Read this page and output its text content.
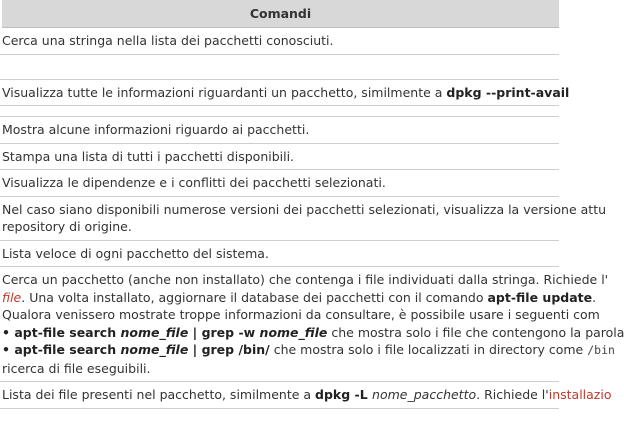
Comandi
Cerca una stringa nella lista dei pacchetti conosciuti.
Visualizza tutte le informazioni riguardanti un pacchetto, similmente a dpkg --print-avail
Mostra alcune informazioni riguardo ai pacchetti.
Stampa una lista di tutti i pacchetti disponibili.
Visualizza le dipendenze e i conflitti dei pacchetti selezionati.
Nel caso siano disponibili numerose versioni dei pacchetti selezionati, visualizza la versione attu
repository di origine.
Lista veloce di ogni pacchetto del sistema.
Cerca un pacchetto (anche non installato) che contenga i file individuati dalla stringa. Richiede l'
file. Una volta installato, aggiornare il database dei pacchetti con il comando apt-file update.
Qualora venissero mostrate troppe informazioni da consultare, è possibile usare i seguenti com
• apt-file search nome_file | grep -w nome_file che mostra solo i file che contengono la parola
• apt-file search nome_file | grep /bin/ che mostra solo i file localizzati in directory come /bin
ricerca di file eseguibili.
Lista dei file presenti nel pacchetto, similmente a dpkg -L nome_pacchetto. Richiede l'installazio
